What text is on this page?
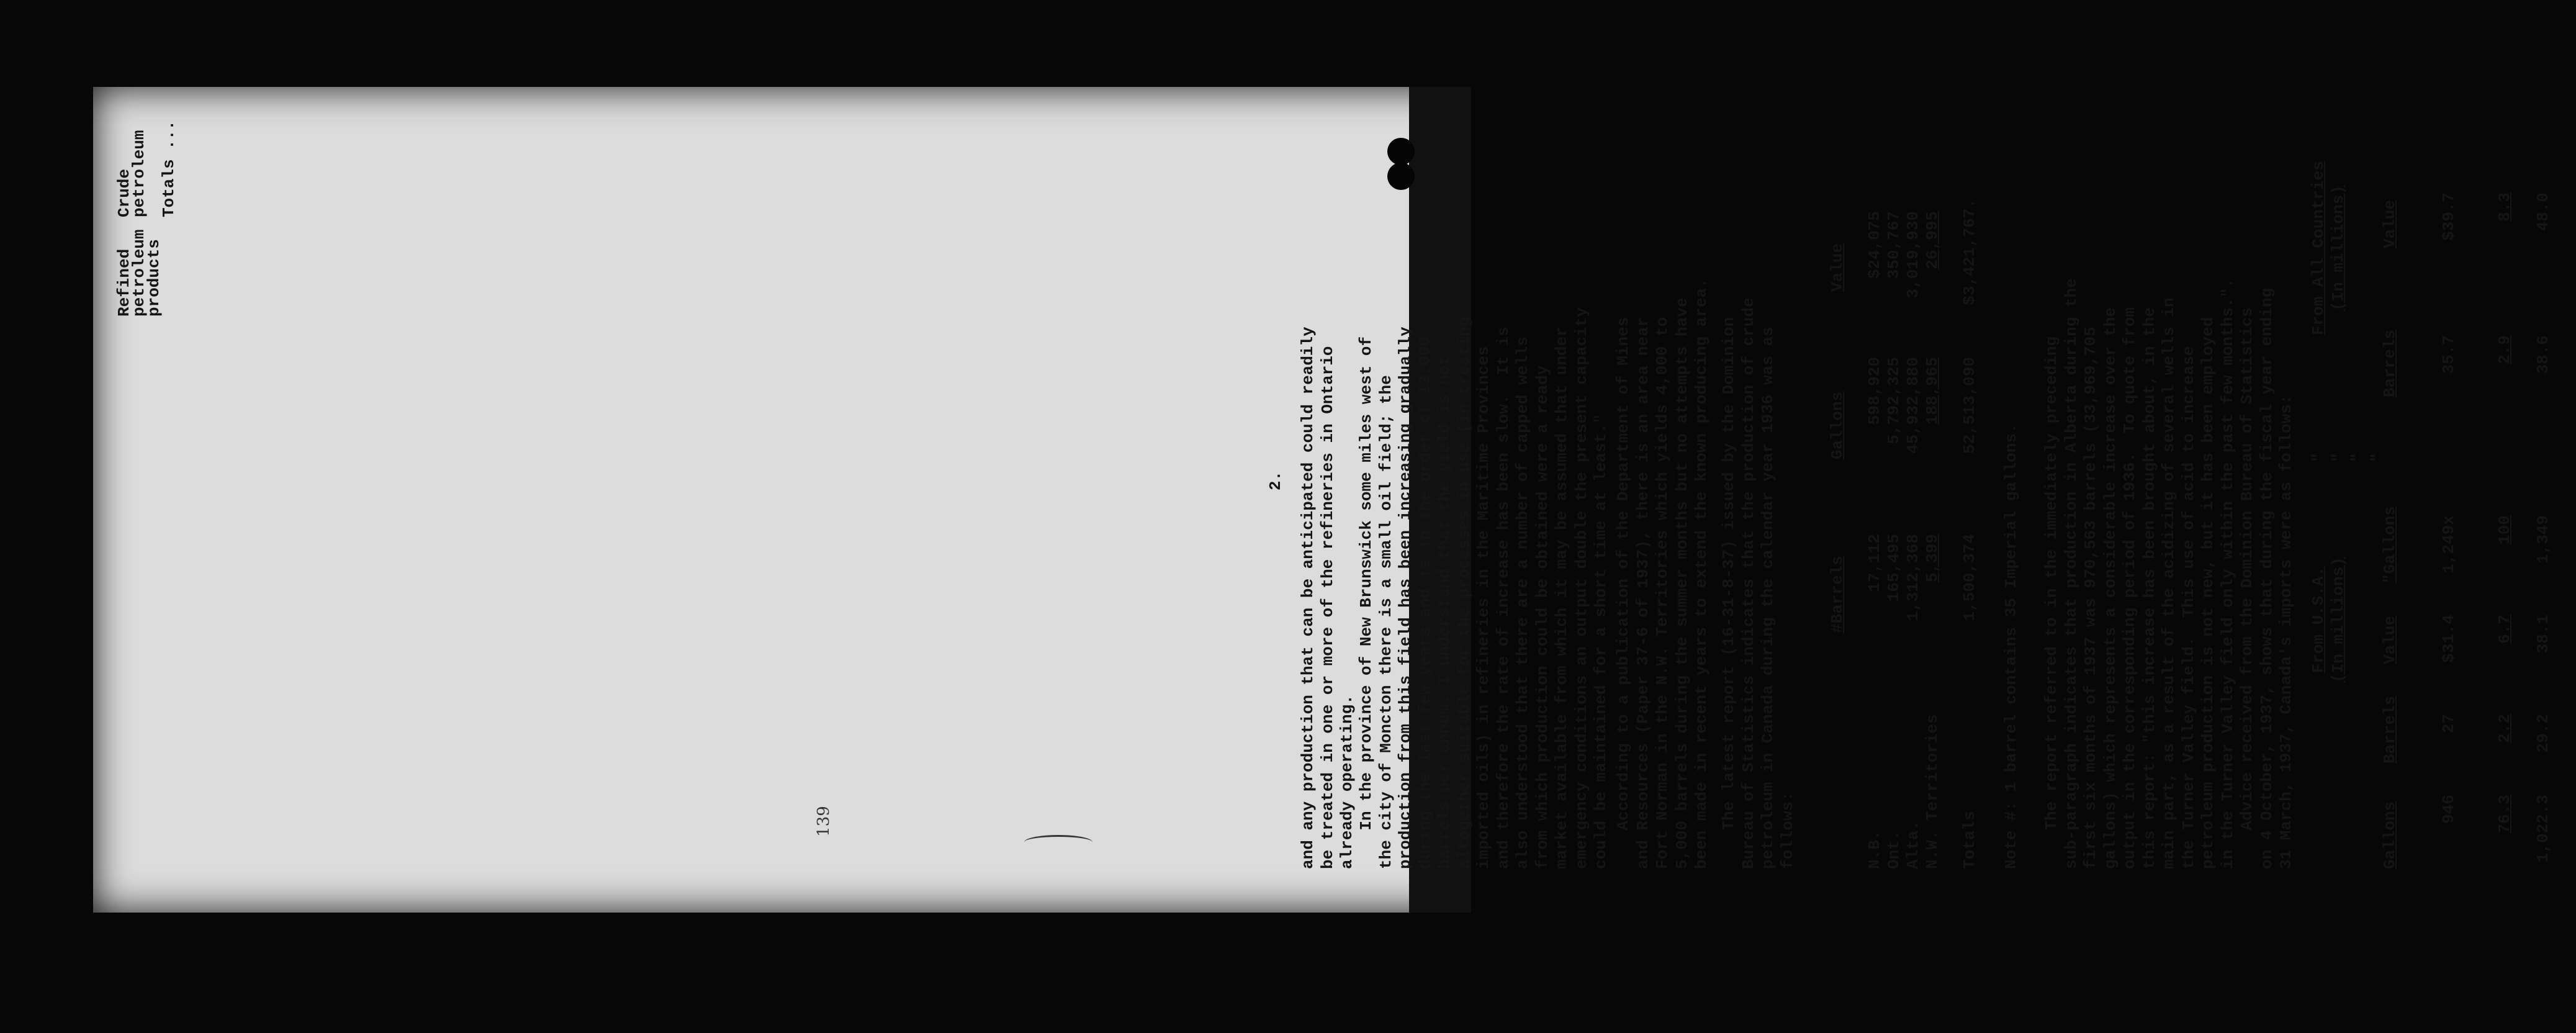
2.
and any production that can be anticipated could readily
be treated in one or more of the refineries in Ontario
already operating.
In the province of New Brunswick some miles west of
the city of Moncton there is a small oil field; the
production from this field has been increasing gradually
during the last few years and is in the order of 13,000
barrels per annum. I understand that the yield is not
altogether suitable for the processes in use (in treating
imported oils) in refineries in the Maritime Provinces
and therefore the rate of increase has been slow.  It is
also understood that there are a number of capped wells
from which production could be obtained were a ready
market available from which it may be assumed that under
emergency conditions an output double the present capacity
could be maintained for a short time at least."
According to a publication of the Department of Mines
and Resources (Paper 37-6 of 1937), there is an area near
Fort Norman in the N.W. Territories which yields 4,000 to
5,000 barrels during the summer months but no attempts have
been made in recent years to extend the known producing area.
The latest report (16-31-8-37) issued by the Dominion
Bureau of Statistics indicates that the production of crude
petroleum in Canada during the calendar year 1936 was as
follows:
#Barrels
Gallons
Value
N.B.
17,112
598,920
$24,075
Ont.
165,495
5,792,325
350,767
Alta.
1,312,368
45,932,880
3,019,930
N.W. Territories
5,399
188,965
26,995
Totals
1,500,374
52,513,090
$3,421,767.
Note #: 1 barrel contains 35 Imperial gallons. The report referred to in the immediately preceding
sub-paragraph indicates that production in Alberta during the
first six months of 1937 was 970,563 barrels (33,969,705
gallons) which represents a considerable increase over the
output in the corresponding period of 1936.  To quote from
this report: "this increase has been brought about, in the
main part, as a result of the acidizing of several wells in
the Turner Valley field.  This use of acid to increase
petroleum production is not new, but it has been employed
in the Turner Valley field only within the past few months.".
Advice received from the Dominion Bureau of Statistics
on 4 October, 1937, shows that during the fiscal year ending
31 March, 1937, Canada's imports were as follows:
From U.S.A.
(In millions)
"
"
"
"
From All Countries
(In millions)
Gallons
Barrels
Value
"Gallons
Barrels
Value
946
27
$31.4
1,249x
35.7
$39.7
76.3
2.2
6.7
100
2.9
8.3
1,022.3
29.2
38.1
1,349
38.6
48.0
Crude
petroleum
Refined
petroleum
products
Totals ...
139
